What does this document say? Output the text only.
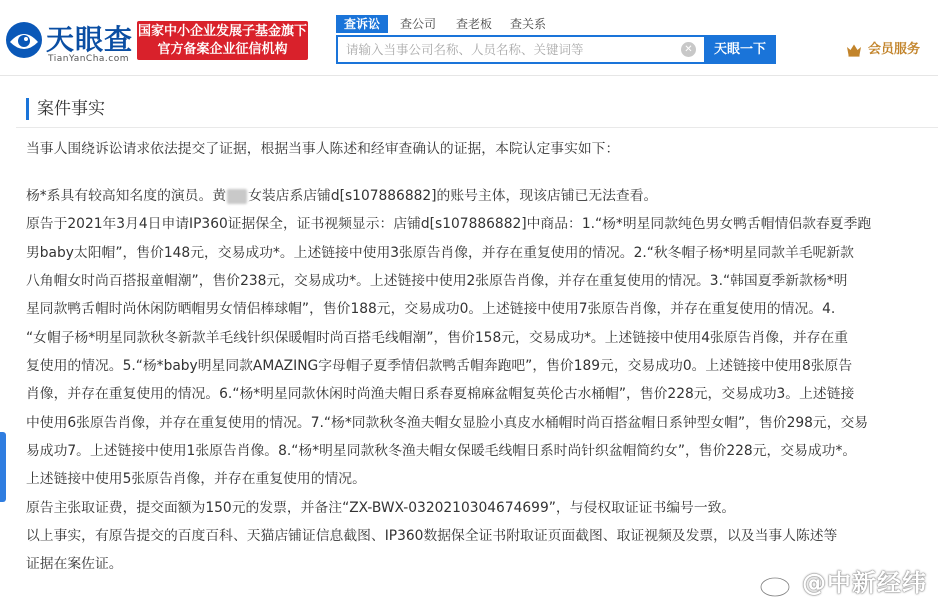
天眼查
TianYanCha.com
国家中小企业发展子基金旗下
官方备案企业征信机构
查诉讼	查公司 查老板 查关系
请输入当事公司名称、人员名称、关键词等
✕	天眼一下	会员服务
案件事实
当事人围绕诉讼请求依法提交了证据，根据当事人陈述和经审查确认的证据，本院认定事实如下：
杨*系具有较高知名度的演员。黄 女装店系店铺d[s107886882]的账号主体，现该店铺已无法查看。
原告于2021年3月4日申请IP360证据保全，证书视频显示：店铺d[s107886882]中商品：1.“杨*明星同款纯色男女鸭舌帽情侣款春夏季跑
男baby太阳帽”，售价148元，交易成功*。上述链接中使用3张原告肖像，并存在重复使用的情况。2.“秋冬帽子杨*明星同款羊毛呢新款
八角帽女时尚百搭报童帽潮”，售价238元，交易成功*。上述链接中使用2张原告肖像，并存在重复使用的情况。3.“韩国夏季新款杨*明
星同款鸭舌帽时尚休闲防晒帽男女情侣棒球帽”，售价188元，交易成功0。上述链接中使用7张原告肖像，并存在重复使用的情况。4.
“女帽子杨*明星同款秋冬新款羊毛线针织保暖帽时尚百搭毛线帽潮”，售价158元，交易成功*。上述链接中使用4张原告肖像，并存在重
复使用的情况。5.“杨*baby明星同款AMAZING字母帽子夏季情侣款鸭舌帽奔跑吧”，售价189元，交易成功0。上述链接中使用8张原告
肖像，并存在重复使用的情况。6.“杨*明星同款休闲时尚渔夫帽日系春夏棉麻盆帽复英伦古水桶帽”，售价228元，交易成功3。上述链接
中使用6张原告肖像，并存在重复使用的情况。7.“杨*同款秋冬渔夫帽女显脸小真皮水桶帽时尚百搭盆帽日系钟型女帽”，售价298元，交易
易成功7。上述链接中使用1张原告肖像。8.“杨*明星同款秋冬渔夫帽女保暖毛线帽日系时尚针织盆帽简约女”，售价228元，交易成功*。
上述链接中使用5张原告肖像，并存在重复使用的情况。
原告主张取证费，提交面额为150元的发票，并备注“ZX-BWX-0320210304674699”，与侵权取证证书编号一致。
以上事实，有原告提交的百度百科、天猫店铺证信息截图、IP360数据保全证书附取证页面截图、取证视频及发票，以及当事人陈述等
证据在案佐证。
@中新经纬
